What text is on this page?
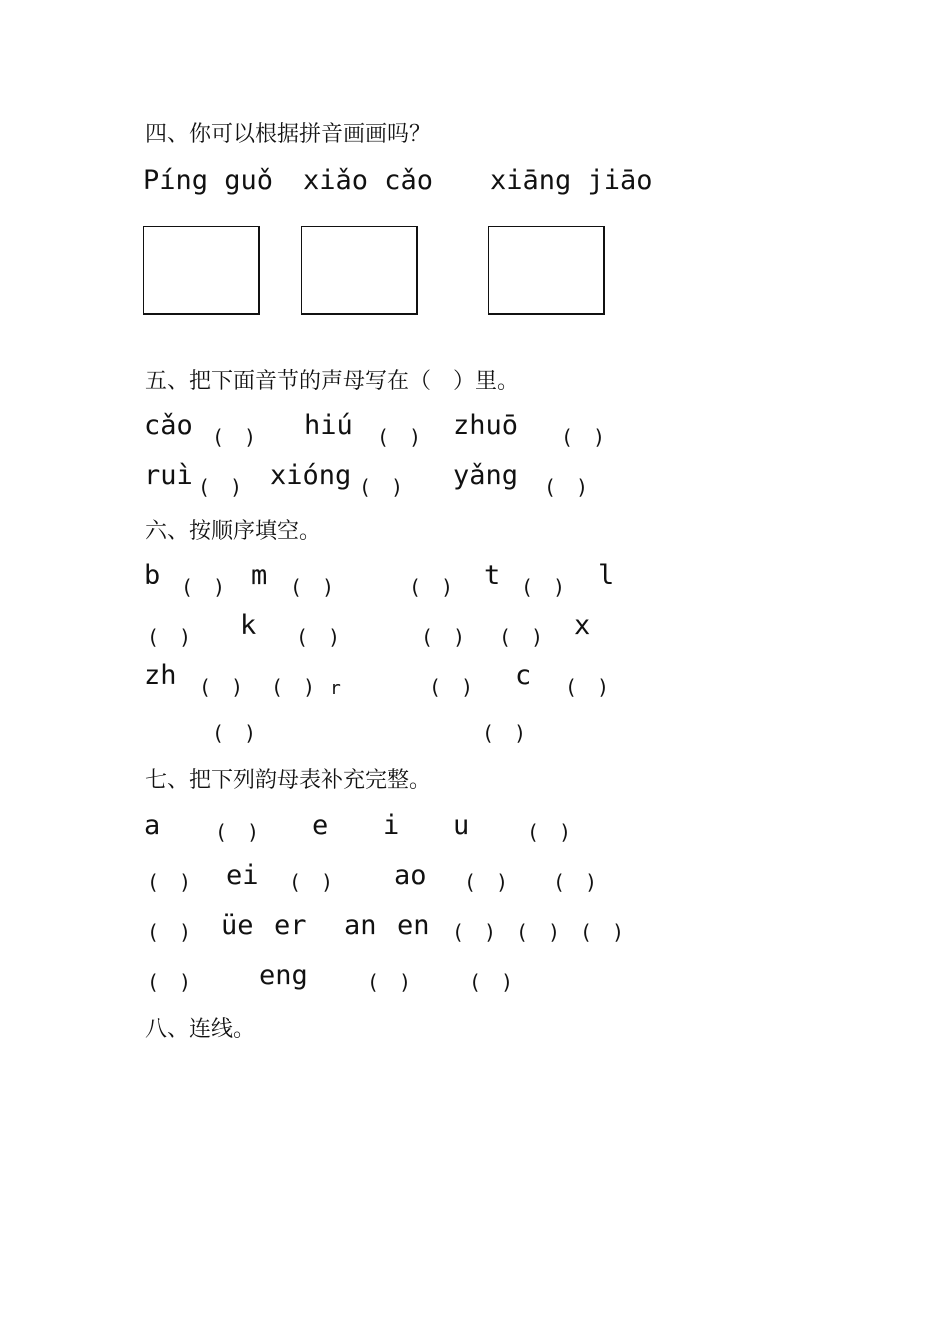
四、你可以根据拼音画画吗？
Píng guǒ xiǎo cǎo xiāng jiāo
五、把下面音节的声母写在（　）里。
cǎo (　) hiú (　) zhuō (　)
ruì (　) xióng (　) yǎng (　)
六、按顺序填空。
b (　) m (　)	(　) t (　) l
(　) k (　)	(　) (　) x
zh (　) (　) r	(　) c (　)
(　)	(　)
七、把下列韵母表补充完整。
a	(　) e i u	(　)
(　) ei (　) ao (　) (　)
(　) üe er an en (　) (　) (　)
(　)	eng	(　)	(　)
八、连线。
